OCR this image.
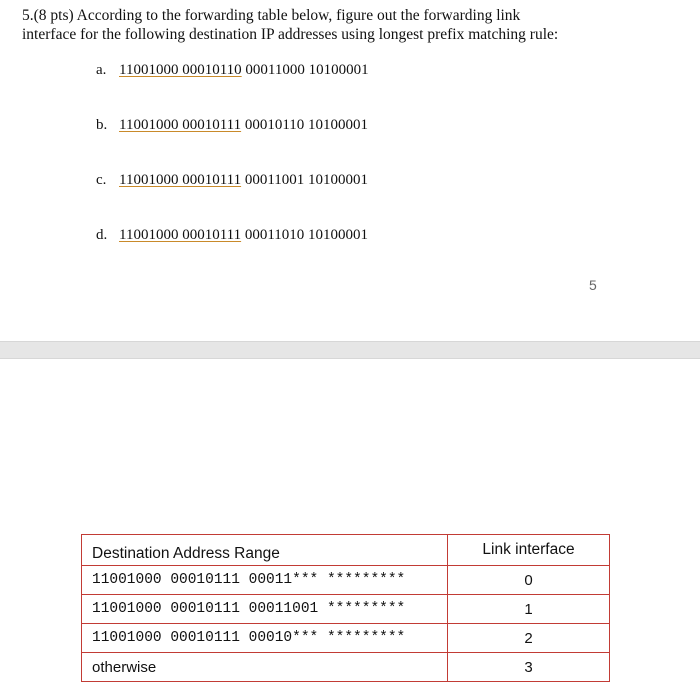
5.(8 pts) According to the forwarding table below, figure out the forwarding link
interface for the following destination IP addresses using longest prefix matching rule:
a. 11001000 00010110 00011000 10100001
b. 11001000 00010111 00010110 10100001
c. 11001000 00010111 00011001 10100001
d. 11001000 00010111 00011010 10100001
5
Destination Address Range	Link interface
11001000 00010111 00011*** *********	0
11001000 00010111 00011001 *********	1
11001000 00010111 00010*** *********	2
otherwise	3
